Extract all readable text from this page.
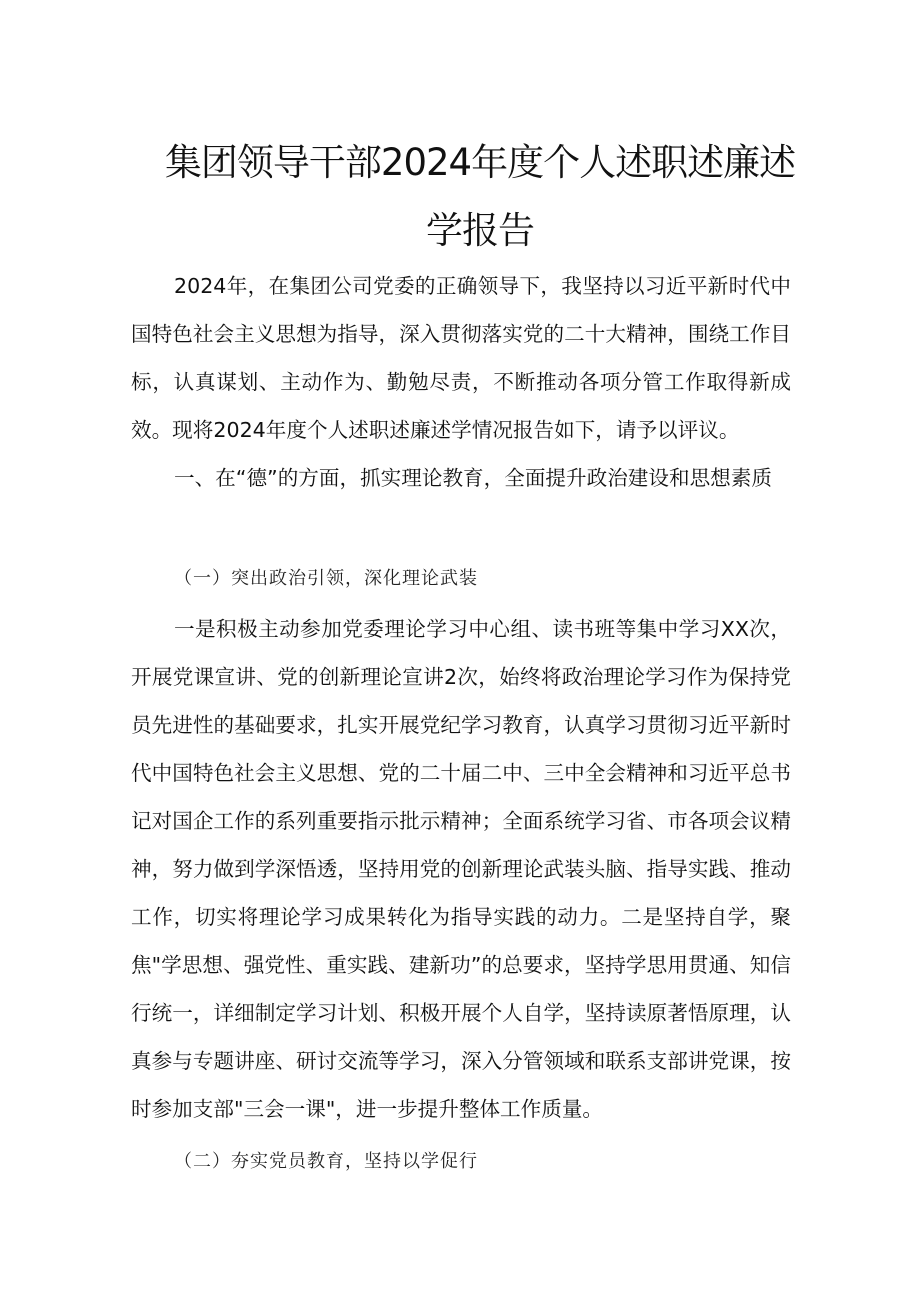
集团领导干部2024年度个人述职述廉述
学报告

2024年，在集团公司党委的正确领导下，我坚持以习近平新时代中国特色社会主义思想为指导，深入贯彻落实党的二十大精神，围绕工作目标，认真谋划、主动作为、勤勉尽责，不断推动各项分管工作取得新成效。现将2024年度个人述职述廉述学情况报告如下，请予以评议。

一、在“德”的方面，抓实理论教育，全面提升政治建设和思想素质

（一）突出政治引领，深化理论武装

一是积极主动参加党委理论学习中心组、读书班等集中学习XX次，开展党课宣讲、党的创新理论宣讲2次，始终将政治理论学习作为保持党员先进性的基础要求，扎实开展党纪学习教育，认真学习贯彻习近平新时代中国特色社会主义思想、党的二十届二中、三中全会精神和习近平总书记对国企工作的系列重要指示批示精神；全面系统学习省、市各项会议精神，努力做到学深悟透，坚持用党的创新理论武装头脑、指导实践、推动工作，切实将理论学习成果转化为指导实践的动力。二是坚持自学，聚焦"学思想、强党性、重实践、建新功”的总要求，坚持学思用贯通、知信行统一，详细制定学习计划、积极开展个人自学，坚持读原著悟原理，认真参与专题讲座、研讨交流等学习，深入分管领域和联系支部讲党课，按时参加支部"三会一课"，进一步提升整体工作质量。

（二）夯实党员教育，坚持以学促行
